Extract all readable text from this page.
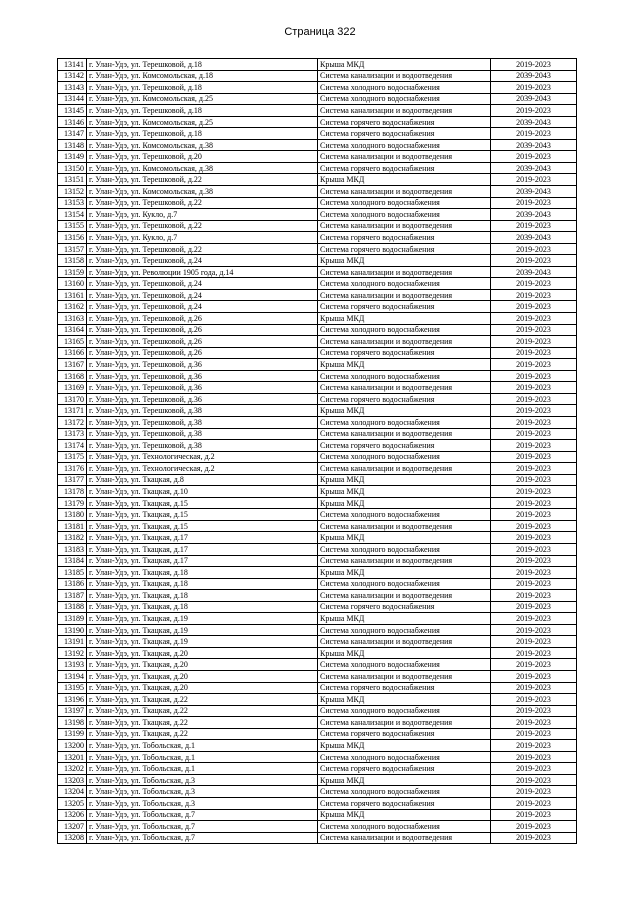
Страница 322
13141	г. Улан-Удэ, ул. Терешковой, д.18	Крыша МКД	2019-2023
13142	г. Улан-Удэ, ул. Комсомольская, д.18	Система канализации и водоотведения	2039-2043
13143	г. Улан-Удэ, ул. Терешковой, д.18	Система холодного водоснабжения	2019-2023
13144	г. Улан-Удэ, ул. Комсомольская, д.25	Система холодного водоснабжения	2039-2043
13145	г. Улан-Удэ, ул. Терешковой, д.18	Система канализации и водоотведения	2019-2023
13146	г. Улан-Удэ, ул. Комсомольская, д.25	Система горячего водоснабжения	2039-2043
13147	г. Улан-Удэ, ул. Терешковой, д.18	Система горячего водоснабжения	2019-2023
13148	г. Улан-Удэ, ул. Комсомольская, д.38	Система холодного водоснабжения	2039-2043
13149	г. Улан-Удэ, ул. Терешковой, д.20	Система канализации и водоотведения	2019-2023
13150	г. Улан-Удэ, ул. Комсомольская, д.38	Система горячего водоснабжения	2039-2043
13151	г. Улан-Удэ, ул. Терешковой, д.22	Крыша МКД	2019-2023
13152	г. Улан-Удэ, ул. Комсомольская, д.38	Система канализации и водоотведения	2039-2043
13153	г. Улан-Удэ, ул. Терешковой, д.22	Система холодного водоснабжения	2019-2023
13154	г. Улан-Удэ, ул. Кукло, д.7	Система холодного водоснабжения	2039-2043
13155	г. Улан-Удэ, ул. Терешковой, д.22	Система канализации и водоотведения	2019-2023
13156	г. Улан-Удэ, ул. Кукло, д.7	Система горячего водоснабжения	2039-2043
13157	г. Улан-Удэ, ул. Терешковой, д.22	Система горячего водоснабжения	2019-2023
13158	г. Улан-Удэ, ул. Терешковой, д.24	Крыша МКД	2019-2023
13159	г. Улан-Удэ, ул. Революции 1905 года, д.14	Система канализации и водоотведения	2039-2043
13160	г. Улан-Удэ, ул. Терешковой, д.24	Система холодного водоснабжения	2019-2023
13161	г. Улан-Удэ, ул. Терешковой, д.24	Система канализации и водоотведения	2019-2023
13162	г. Улан-Удэ, ул. Терешковой, д.24	Система горячего водоснабжения	2019-2023
13163	г. Улан-Удэ, ул. Терешковой, д.26	Крыша МКД	2019-2023
13164	г. Улан-Удэ, ул. Терешковой, д.26	Система холодного водоснабжения	2019-2023
13165	г. Улан-Удэ, ул. Терешковой, д.26	Система канализации и водоотведения	2019-2023
13166	г. Улан-Удэ, ул. Терешковой, д.26	Система горячего водоснабжения	2019-2023
13167	г. Улан-Удэ, ул. Терешковой, д.36	Крыша МКД	2019-2023
13168	г. Улан-Удэ, ул. Терешковой, д.36	Система холодного водоснабжения	2019-2023
13169	г. Улан-Удэ, ул. Терешковой, д.36	Система канализации и водоотведения	2019-2023
13170	г. Улан-Удэ, ул. Терешковой, д.36	Система горячего водоснабжения	2019-2023
13171	г. Улан-Удэ, ул. Терешковой, д.38	Крыша МКД	2019-2023
13172	г. Улан-Удэ, ул. Терешковой, д.38	Система холодного водоснабжения	2019-2023
13173	г. Улан-Удэ, ул. Терешковой, д.38	Система канализации и водоотведения	2019-2023
13174	г. Улан-Удэ, ул. Терешковой, д.38	Система горячего водоснабжения	2019-2023
13175	г. Улан-Удэ, ул. Технологическая, д.2	Система холодного водоснабжения	2019-2023
13176	г. Улан-Удэ, ул. Технологическая, д.2	Система канализации и водоотведения	2019-2023
13177	г. Улан-Удэ, ул. Ткацкая, д.8	Крыша МКД	2019-2023
13178	г. Улан-Удэ, ул. Ткацкая, д.10	Крыша МКД	2019-2023
13179	г. Улан-Удэ, ул. Ткацкая, д.15	Крыша МКД	2019-2023
13180	г. Улан-Удэ, ул. Ткацкая, д.15	Система холодного водоснабжения	2019-2023
13181	г. Улан-Удэ, ул. Ткацкая, д.15	Система канализации и водоотведения	2019-2023
13182	г. Улан-Удэ, ул. Ткацкая, д.17	Крыша МКД	2019-2023
13183	г. Улан-Удэ, ул. Ткацкая, д.17	Система холодного водоснабжения	2019-2023
13184	г. Улан-Удэ, ул. Ткацкая, д.17	Система канализации и водоотведения	2019-2023
13185	г. Улан-Удэ, ул. Ткацкая, д.18	Крыша МКД	2019-2023
13186	г. Улан-Удэ, ул. Ткацкая, д.18	Система холодного водоснабжения	2019-2023
13187	г. Улан-Удэ, ул. Ткацкая, д.18	Система канализации и водоотведения	2019-2023
13188	г. Улан-Удэ, ул. Ткацкая, д.18	Система горячего водоснабжения	2019-2023
13189	г. Улан-Удэ, ул. Ткацкая, д.19	Крыша МКД	2019-2023
13190	г. Улан-Удэ, ул. Ткацкая, д.19	Система холодного водоснабжения	2019-2023
13191	г. Улан-Удэ, ул. Ткацкая, д.19	Система канализации и водоотведения	2019-2023
13192	г. Улан-Удэ, ул. Ткацкая, д.20	Крыша МКД	2019-2023
13193	г. Улан-Удэ, ул. Ткацкая, д.20	Система холодного водоснабжения	2019-2023
13194	г. Улан-Удэ, ул. Ткацкая, д.20	Система канализации и водоотведения	2019-2023
13195	г. Улан-Удэ, ул. Ткацкая, д.20	Система горячего водоснабжения	2019-2023
13196	г. Улан-Удэ, ул. Ткацкая, д.22	Крыша МКД	2019-2023
13197	г. Улан-Удэ, ул. Ткацкая, д.22	Система холодного водоснабжения	2019-2023
13198	г. Улан-Удэ, ул. Ткацкая, д.22	Система канализации и водоотведения	2019-2023
13199	г. Улан-Удэ, ул. Ткацкая, д.22	Система горячего водоснабжения	2019-2023
13200	г. Улан-Удэ, ул. Тобольская, д.1	Крыша МКД	2019-2023
13201	г. Улан-Удэ, ул. Тобольская, д.1	Система холодного водоснабжения	2019-2023
13202	г. Улан-Удэ, ул. Тобольская, д.1	Система горячего водоснабжения	2019-2023
13203	г. Улан-Удэ, ул. Тобольская, д.3	Крыша МКД	2019-2023
13204	г. Улан-Удэ, ул. Тобольская, д.3	Система холодного водоснабжения	2019-2023
13205	г. Улан-Удэ, ул. Тобольская, д.3	Система горячего водоснабжения	2019-2023
13206	г. Улан-Удэ, ул. Тобольская, д.7	Крыша МКД	2019-2023
13207	г. Улан-Удэ, ул. Тобольская, д.7	Система холодного водоснабжения	2019-2023
13208	г. Улан-Удэ, ул. Тобольская, д.7	Система канализации и водоотведения	2019-2023
